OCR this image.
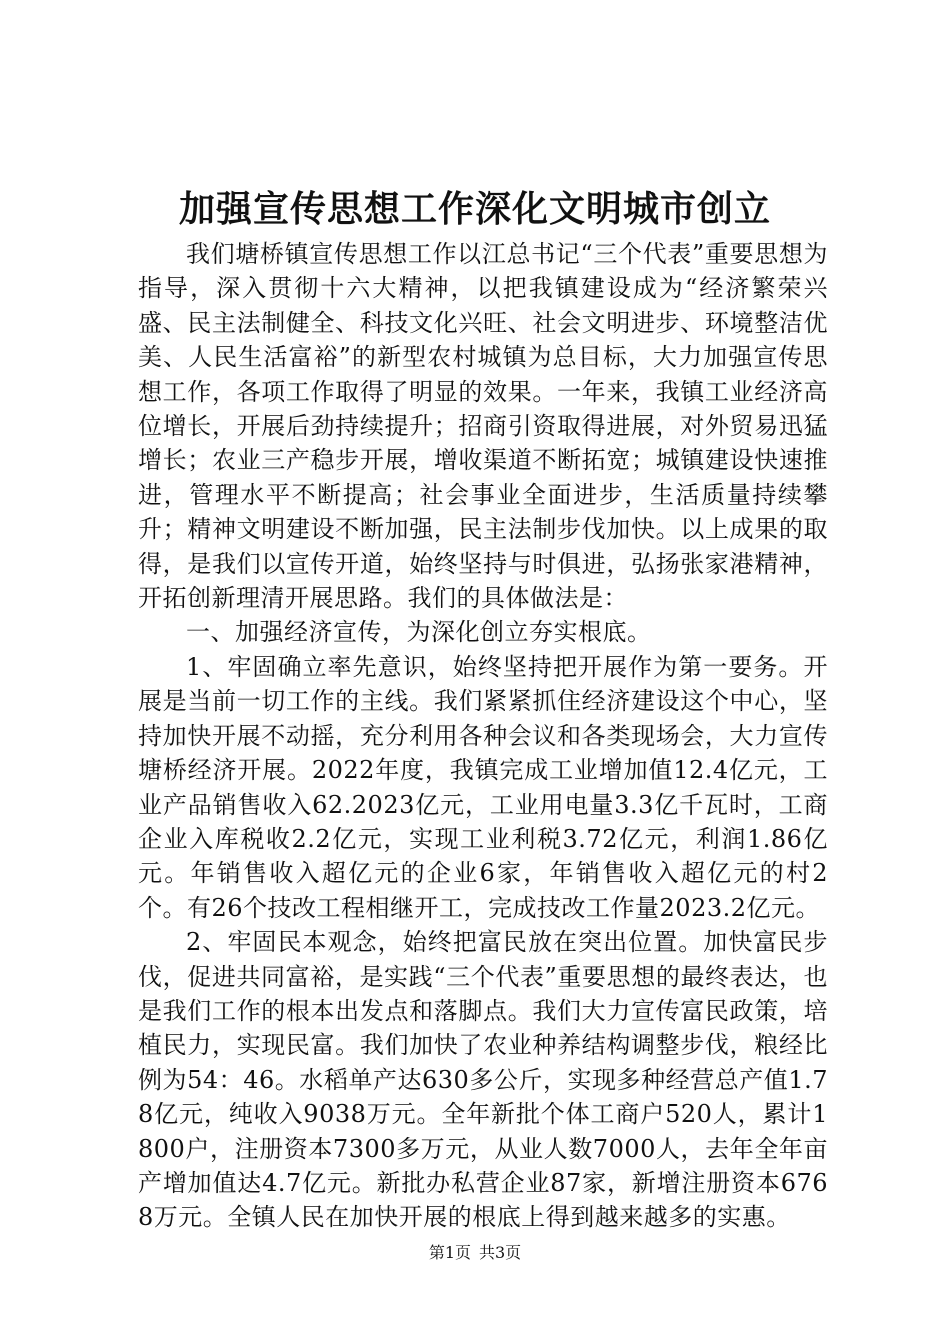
加强宣传思想工作深化文明城市创立

我们塘桥镇宣传思想工作以江总书记“三个代表”重要思想为指导，深入贯彻十六大精神，以把我镇建设成为“经济繁荣兴盛、民主法制健全、科技文化兴旺、社会文明进步、环境整洁优美、人民生活富裕”的新型农村城镇为总目标，大力加强宣传思想工作，各项工作取得了明显的效果。一年来，我镇工业经济高位增长，开展后劲持续提升；招商引资取得进展，对外贸易迅猛增长；农业三产稳步开展，增收渠道不断拓宽；城镇建设快速推进，管理水平不断提高；社会事业全面进步，生活质量持续攀升；精神文明建设不断加强，民主法制步伐加快。以上成果的取得，是我们以宣传开道，始终坚持与时俱进，弘扬张家港精神，开拓创新理清开展思路。我们的具体做法是：

一、加强经济宣传，为深化创立夯实根底。

1、牢固确立率先意识，始终坚持把开展作为第一要务。开展是当前一切工作的主线。我们紧紧抓住经济建设这个中心，坚持加快开展不动摇，充分利用各种会议和各类现场会，大力宣传塘桥经济开展。2022年度，我镇完成工业增加值12.4亿元，工业产品销售收入62.2023亿元，工业用电量3.3亿千瓦时，工商企业入库税收2.2亿元，实现工业利税3.72亿元，利润1.86亿元。年销售收入超亿元的企业6家，年销售收入超亿元的村2个。有26个技改工程相继开工，完成技改工作量2023.2亿元。

2、牢固民本观念，始终把富民放在突出位置。加快富民步伐，促进共同富裕，是实践“三个代表”重要思想的最终表达，也是我们工作的根本出发点和落脚点。我们大力宣传富民政策，培植民力，实现民富。我们加快了农业种养结构调整步伐，粮经比例为54：46。水稻单产达630多公斤，实现多种经营总产值1.78亿元，纯收入9038万元。全年新批个体工商户520人，累计1800户，注册资本7300多万元，从业人数7000人，去年全年亩产增加值达4.7亿元。新批办私营企业87家，新增注册资本6768万元。全镇人民在加快开展的根底上得到越来越多的实惠。

第1页 共3页
